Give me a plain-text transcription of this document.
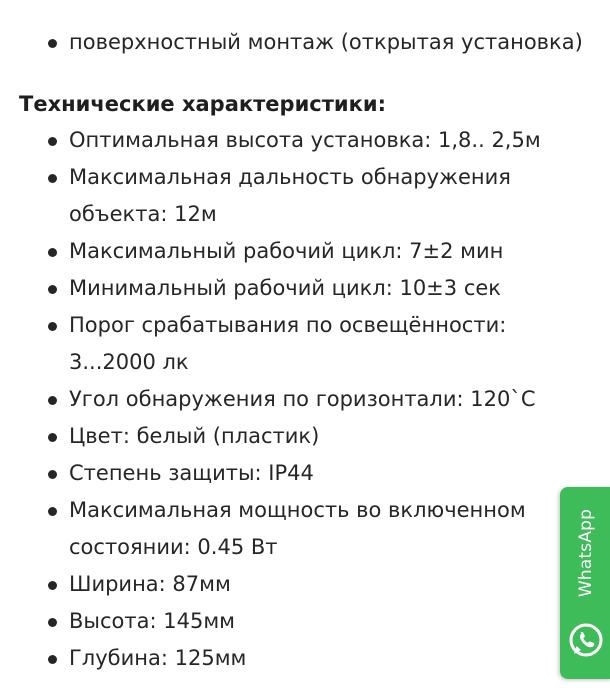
поверхностный монтаж (открытая установка)
Технические характеристики:
Оптимальная высота установка: 1,8.. 2,5м
Максимальная дальность обнаружения объекта: 12м
Максимальный рабочий цикл: 7±2 мин
Минимальный рабочий цикл: 10±3 сек
Порог срабатывания по освещённости: 3...2000 лк
Угол обнаружения по горизонтали: 120`С
Цвет: белый (пластик)
Степень защиты: IP44
Максимальная мощность во включенном состоянии: 0.45 Вт
Ширина: 87мм
Высота: 145мм
Глубина: 125мм
WhatsApp
